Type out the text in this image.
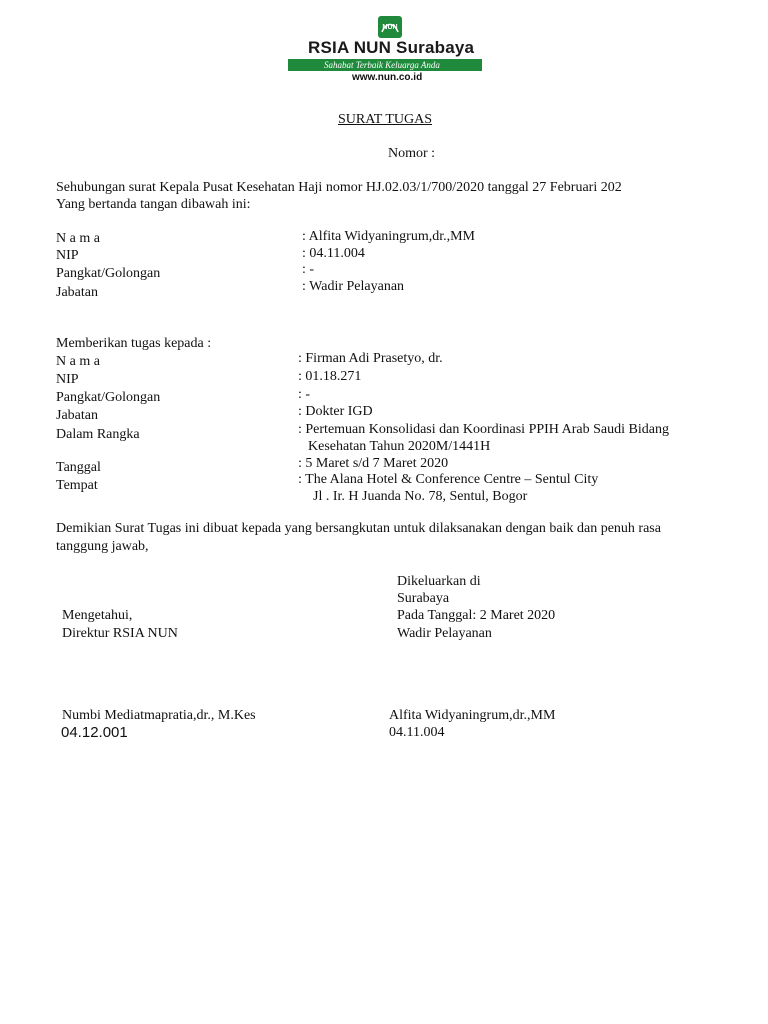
NUN
RSIA NUN Surabaya
Sahabat Terbaik Keluarga Anda
www.nun.co.id
SURAT TUGAS
Nomor :
Sehubungan surat Kepala Pusat Kesehatan Haji nomor HJ.02.03/1/700/2020 tanggal 27 Februari 202
Yang bertanda tangan dibawah ini:
N a m a	: Alfita Widyaningrum,dr.,MM
NIP	: 04.11.004
Pangkat/Golongan	: -
Jabatan	: Wadir Pelayanan
Memberikan tugas kepada :
N a m a	: Firman Adi Prasetyo, dr.
NIP	: 01.18.271
Pangkat/Golongan	: -
Jabatan	: Dokter IGD
Dalam Rangka	: Pertemuan Konsolidasi dan Koordinasi PPIH Arab Saudi Bidang
Kesehatan Tahun 2020M/1441H
Tanggal	: 5 Maret s/d 7 Maret 2020
Tempat	: The Alana Hotel & Conference Centre – Sentul City
Jl . Ir. H Juanda No. 78, Sentul, Bogor
Demikian Surat Tugas ini dibuat kepada yang bersangkutan untuk dilaksanakan dengan baik dan penuh rasa
tanggung jawab,
Dikeluarkan di
Surabaya
Pada Tanggal: 2 Maret 2020
Wadir Pelayanan
Mengetahui,
Direktur RSIA NUN
Numbi Mediatmapratia,dr., M.Kes
04.12.001
Alfita Widyaningrum,dr.,MM
04.11.004
